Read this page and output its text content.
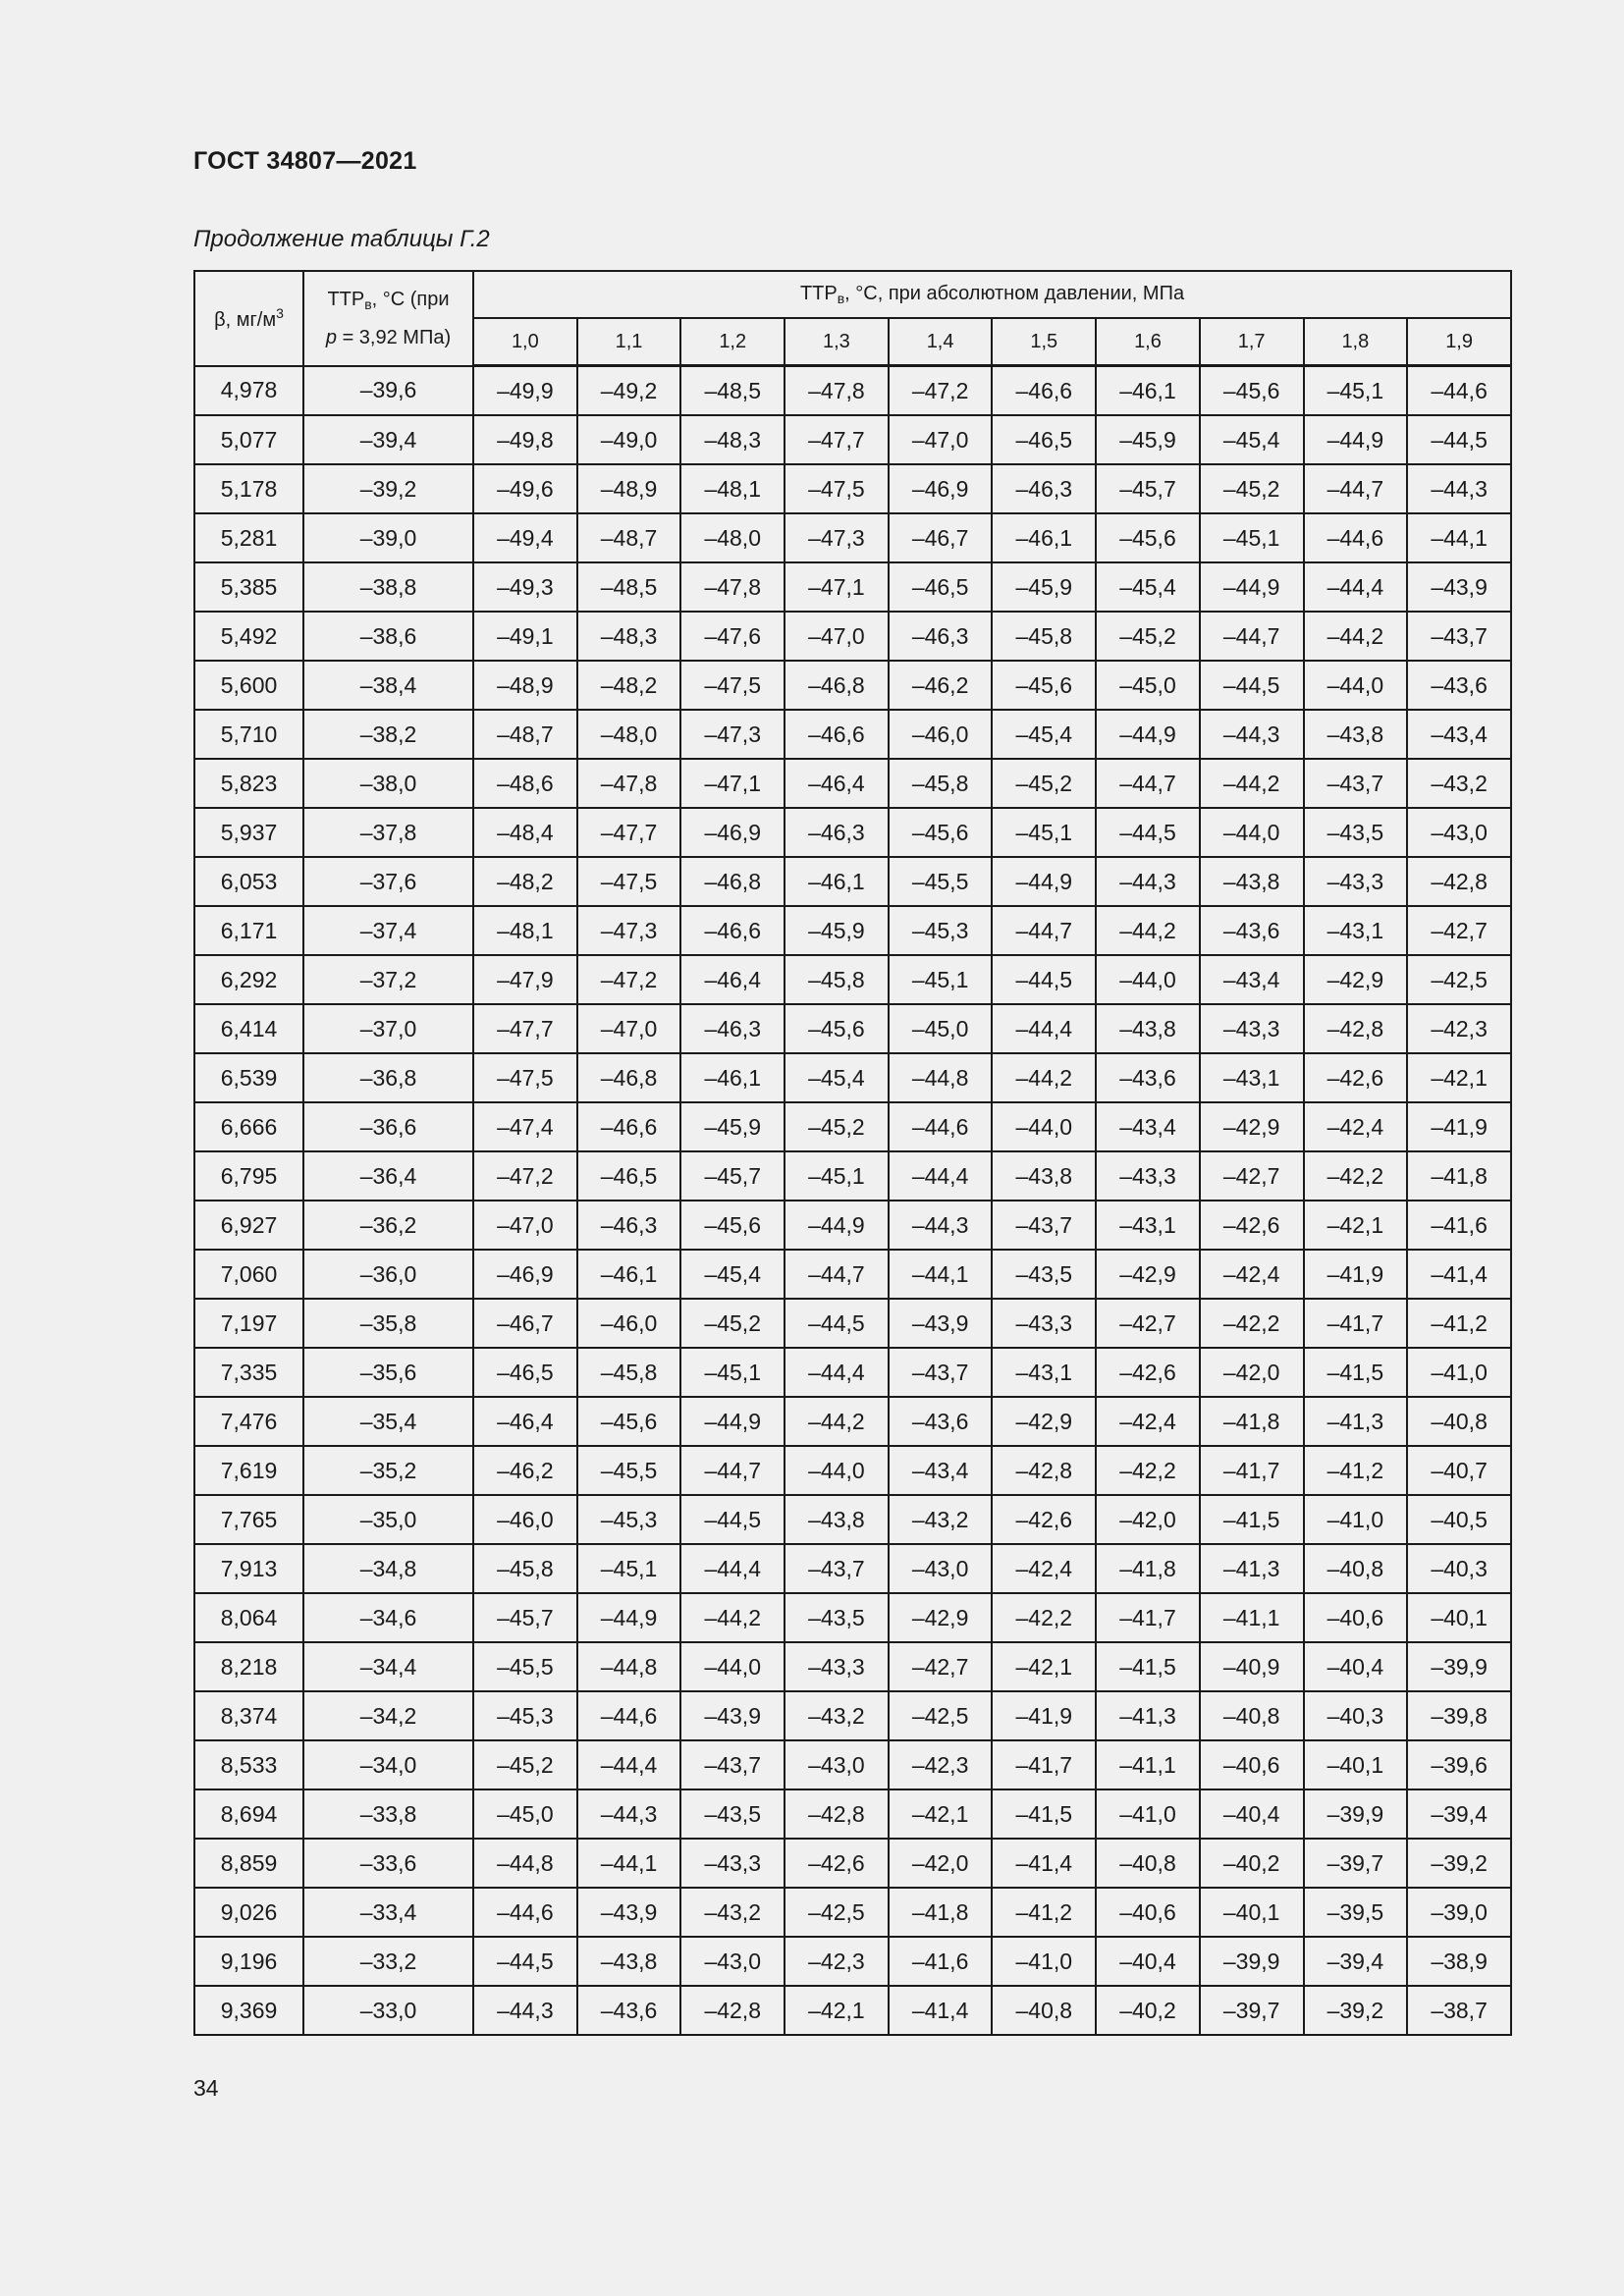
ГОСТ 34807—2021
Продолжение таблицы Г.2
β, $мг/м^3$	$ТТР_в$, °С (при
p = 3,92 МПа)	$ТТР_в$, °С, при абсолютном давлении, МПа									
		1,0	1,1	1,2	1,3	1,4	1,5	1,6	1,7	1,8	1,9
4,978	–39,6	–49,9	–49,2	–48,5	–47,8	–47,2	–46,6	–46,1	–45,6	–45,1	–44,6
5,077	–39,4	–49,8	–49,0	–48,3	–47,7	–47,0	–46,5	–45,9	–45,4	–44,9	–44,5
5,178	–39,2	–49,6	–48,9	–48,1	–47,5	–46,9	–46,3	–45,7	–45,2	–44,7	–44,3
5,281	–39,0	–49,4	–48,7	–48,0	–47,3	–46,7	–46,1	–45,6	–45,1	–44,6	–44,1
5,385	–38,8	–49,3	–48,5	–47,8	–47,1	–46,5	–45,9	–45,4	–44,9	–44,4	–43,9
5,492	–38,6	–49,1	–48,3	–47,6	–47,0	–46,3	–45,8	–45,2	–44,7	–44,2	–43,7
5,600	–38,4	–48,9	–48,2	–47,5	–46,8	–46,2	–45,6	–45,0	–44,5	–44,0	–43,6
5,710	–38,2	–48,7	–48,0	–47,3	–46,6	–46,0	–45,4	–44,9	–44,3	–43,8	–43,4
5,823	–38,0	–48,6	–47,8	–47,1	–46,4	–45,8	–45,2	–44,7	–44,2	–43,7	–43,2
5,937	–37,8	–48,4	–47,7	–46,9	–46,3	–45,6	–45,1	–44,5	–44,0	–43,5	–43,0
6,053	–37,6	–48,2	–47,5	–46,8	–46,1	–45,5	–44,9	–44,3	–43,8	–43,3	–42,8
6,171	–37,4	–48,1	–47,3	–46,6	–45,9	–45,3	–44,7	–44,2	–43,6	–43,1	–42,7
6,292	–37,2	–47,9	–47,2	–46,4	–45,8	–45,1	–44,5	–44,0	–43,4	–42,9	–42,5
6,414	–37,0	–47,7	–47,0	–46,3	–45,6	–45,0	–44,4	–43,8	–43,3	–42,8	–42,3
6,539	–36,8	–47,5	–46,8	–46,1	–45,4	–44,8	–44,2	–43,6	–43,1	–42,6	–42,1
6,666	–36,6	–47,4	–46,6	–45,9	–45,2	–44,6	–44,0	–43,4	–42,9	–42,4	–41,9
6,795	–36,4	–47,2	–46,5	–45,7	–45,1	–44,4	–43,8	–43,3	–42,7	–42,2	–41,8
6,927	–36,2	–47,0	–46,3	–45,6	–44,9	–44,3	–43,7	–43,1	–42,6	–42,1	–41,6
7,060	–36,0	–46,9	–46,1	–45,4	–44,7	–44,1	–43,5	–42,9	–42,4	–41,9	–41,4
7,197	–35,8	–46,7	–46,0	–45,2	–44,5	–43,9	–43,3	–42,7	–42,2	–41,7	–41,2
7,335	–35,6	–46,5	–45,8	–45,1	–44,4	–43,7	–43,1	–42,6	–42,0	–41,5	–41,0
7,476	–35,4	–46,4	–45,6	–44,9	–44,2	–43,6	–42,9	–42,4	–41,8	–41,3	–40,8
7,619	–35,2	–46,2	–45,5	–44,7	–44,0	–43,4	–42,8	–42,2	–41,7	–41,2	–40,7
7,765	–35,0	–46,0	–45,3	–44,5	–43,8	–43,2	–42,6	–42,0	–41,5	–41,0	–40,5
7,913	–34,8	–45,8	–45,1	–44,4	–43,7	–43,0	–42,4	–41,8	–41,3	–40,8	–40,3
8,064	–34,6	–45,7	–44,9	–44,2	–43,5	–42,9	–42,2	–41,7	–41,1	–40,6	–40,1
8,218	–34,4	–45,5	–44,8	–44,0	–43,3	–42,7	–42,1	–41,5	–40,9	–40,4	–39,9
8,374	–34,2	–45,3	–44,6	–43,9	–43,2	–42,5	–41,9	–41,3	–40,8	–40,3	–39,8
8,533	–34,0	–45,2	–44,4	–43,7	–43,0	–42,3	–41,7	–41,1	–40,6	–40,1	–39,6
8,694	–33,8	–45,0	–44,3	–43,5	–42,8	–42,1	–41,5	–41,0	–40,4	–39,9	–39,4
8,859	–33,6	–44,8	–44,1	–43,3	–42,6	–42,0	–41,4	–40,8	–40,2	–39,7	–39,2
9,026	–33,4	–44,6	–43,9	–43,2	–42,5	–41,8	–41,2	–40,6	–40,1	–39,5	–39,0
9,196	–33,2	–44,5	–43,8	–43,0	–42,3	–41,6	–41,0	–40,4	–39,9	–39,4	–38,9
9,369	–33,0	–44,3	–43,6	–42,8	–42,1	–41,4	–40,8	–40,2	–39,7	–39,2	–38,7
34
